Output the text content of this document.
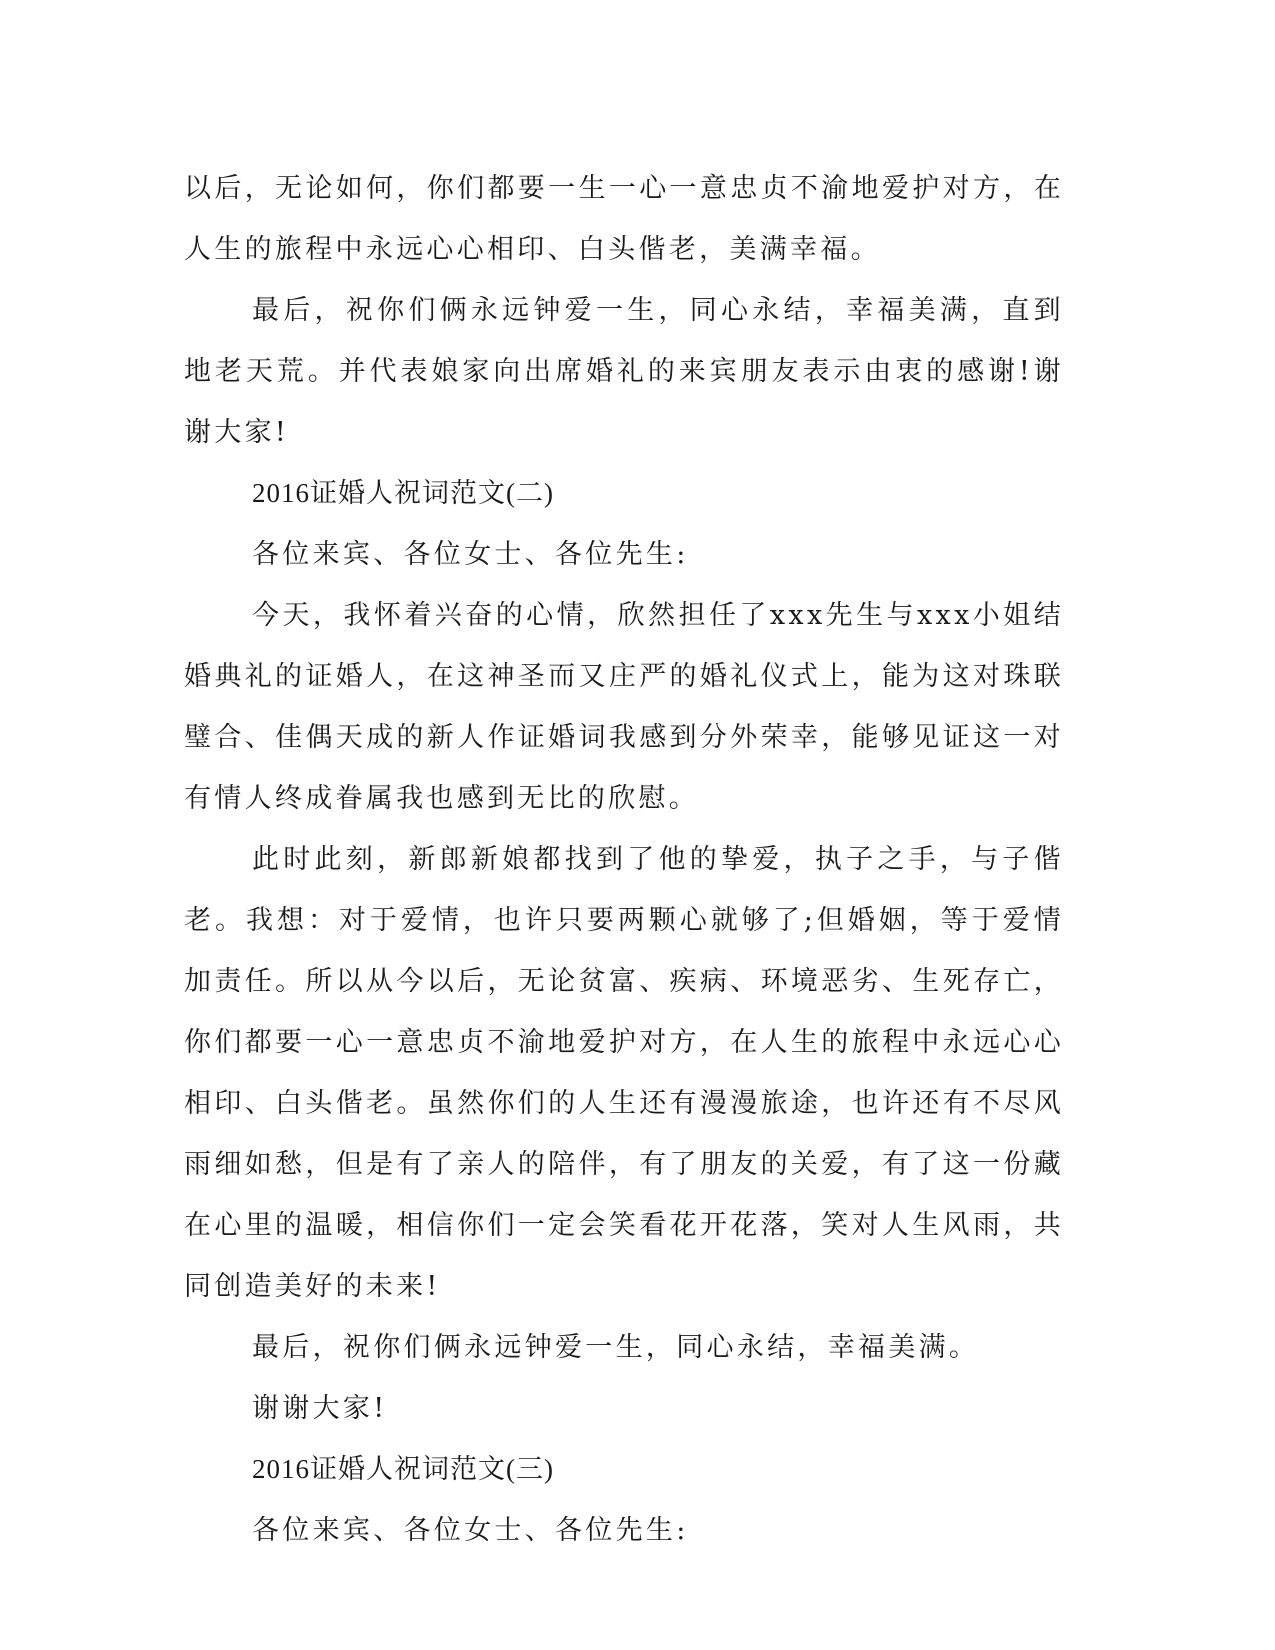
以后，无论如何，你们都要一生一心一意忠贞不渝地爱护对方，在人生的旅程中永远心心相印、白头偕老，美满幸福。

最后，祝你们俩永远钟爱一生，同心永结，幸福美满，直到地老天荒。并代表娘家向出席婚礼的来宾朋友表示由衷的感谢!谢谢大家!

2016证婚人祝词范文(二)

各位来宾、各位女士、各位先生:

今天，我怀着兴奋的心情，欣然担任了xxx先生与xxx小姐结婚典礼的证婚人，在这神圣而又庄严的婚礼仪式上，能为这对珠联璧合、佳偶天成的新人作证婚词我感到分外荣幸，能够见证这一对有情人终成眷属我也感到无比的欣慰。

此时此刻，新郎新娘都找到了他的挚爱，执子之手，与子偕老。我想：对于爱情，也许只要两颗心就够了;但婚姻，等于爱情加责任。所以从今以后，无论贫富、疾病、环境恶劣、生死存亡，你们都要一心一意忠贞不渝地爱护对方，在人生的旅程中永远心心相印、白头偕老。虽然你们的人生还有漫漫旅途，也许还有不尽风雨细如愁，但是有了亲人的陪伴，有了朋友的关爱，有了这一份藏在心里的温暖，相信你们一定会笑看花开花落，笑对人生风雨，共同创造美好的未来!

最后，祝你们俩永远钟爱一生，同心永结，幸福美满。

谢谢大家!

2016证婚人祝词范文(三)

各位来宾、各位女士、各位先生:
